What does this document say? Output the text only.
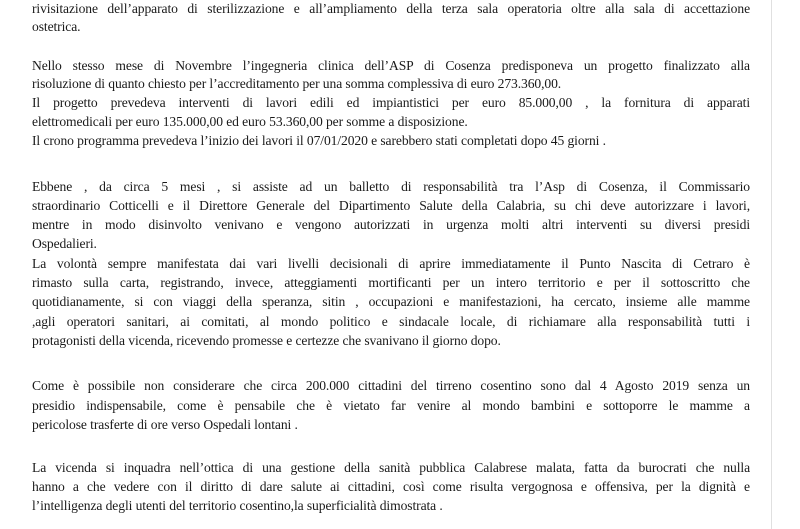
rivisitazione dell’apparato di sterilizzazione e all’ampliamento della terza sala operatoria oltre alla sala di accettazione
ostetrica.
Nello stesso mese di Novembre l’ingegneria clinica dell’ASP di Cosenza predisponeva un progetto finalizzato alla
risoluzione di quanto chiesto per l’accreditamento per una somma complessiva di euro 273.360,00.
Il progetto prevedeva interventi di lavori edili ed impiantistici per euro 85.000,00 , la fornitura di apparati
elettromedicali per euro 135.000,00 ed euro 53.360,00 per somme a disposizione.
Il crono programma prevedeva l’inizio dei lavori il 07/01/2020 e sarebbero stati completati dopo 45 giorni .
Ebbene , da circa 5 mesi , si assiste ad un balletto di responsabilità tra l’Asp di Cosenza, il Commissario
straordinario Cotticelli e il Direttore Generale del Dipartimento Salute della Calabria, su chi deve autorizzare i lavori,
mentre in modo disinvolto venivano e vengono autorizzati in urgenza molti altri interventi su diversi presidi
Ospedalieri.
La volontà sempre manifestata dai vari livelli decisionali di aprire immediatamente il Punto Nascita di Cetraro è
rimasto sulla carta, registrando, invece, atteggiamenti mortificanti per un intero territorio e per il sottoscritto che
quotidianamente, si con viaggi della speranza, sitin , occupazioni e manifestazioni, ha cercato, insieme alle mamme
,agli operatori sanitari, ai comitati, al mondo politico e sindacale locale, di richiamare alla responsabilità tutti i
protagonisti della vicenda, ricevendo promesse e certezze che svanivano il giorno dopo.
Come è possibile non considerare che circa 200.000 cittadini del tirreno cosentino sono dal 4 Agosto 2019 senza un
presidio indispensabile, come è pensabile che è vietato far venire al mondo bambini e sottoporre le mamme a
pericolose trasferte di ore verso Ospedali lontani .
La vicenda si inquadra nell’ottica di una gestione della sanità pubblica Calabrese malata, fatta da burocrati che nulla
hanno a che vedere con il diritto di dare salute ai cittadini, così come risulta vergognosa e offensiva, per la dignità e
l’intelligenza degli utenti del territorio cosentino,la superficialità dimostrata .
